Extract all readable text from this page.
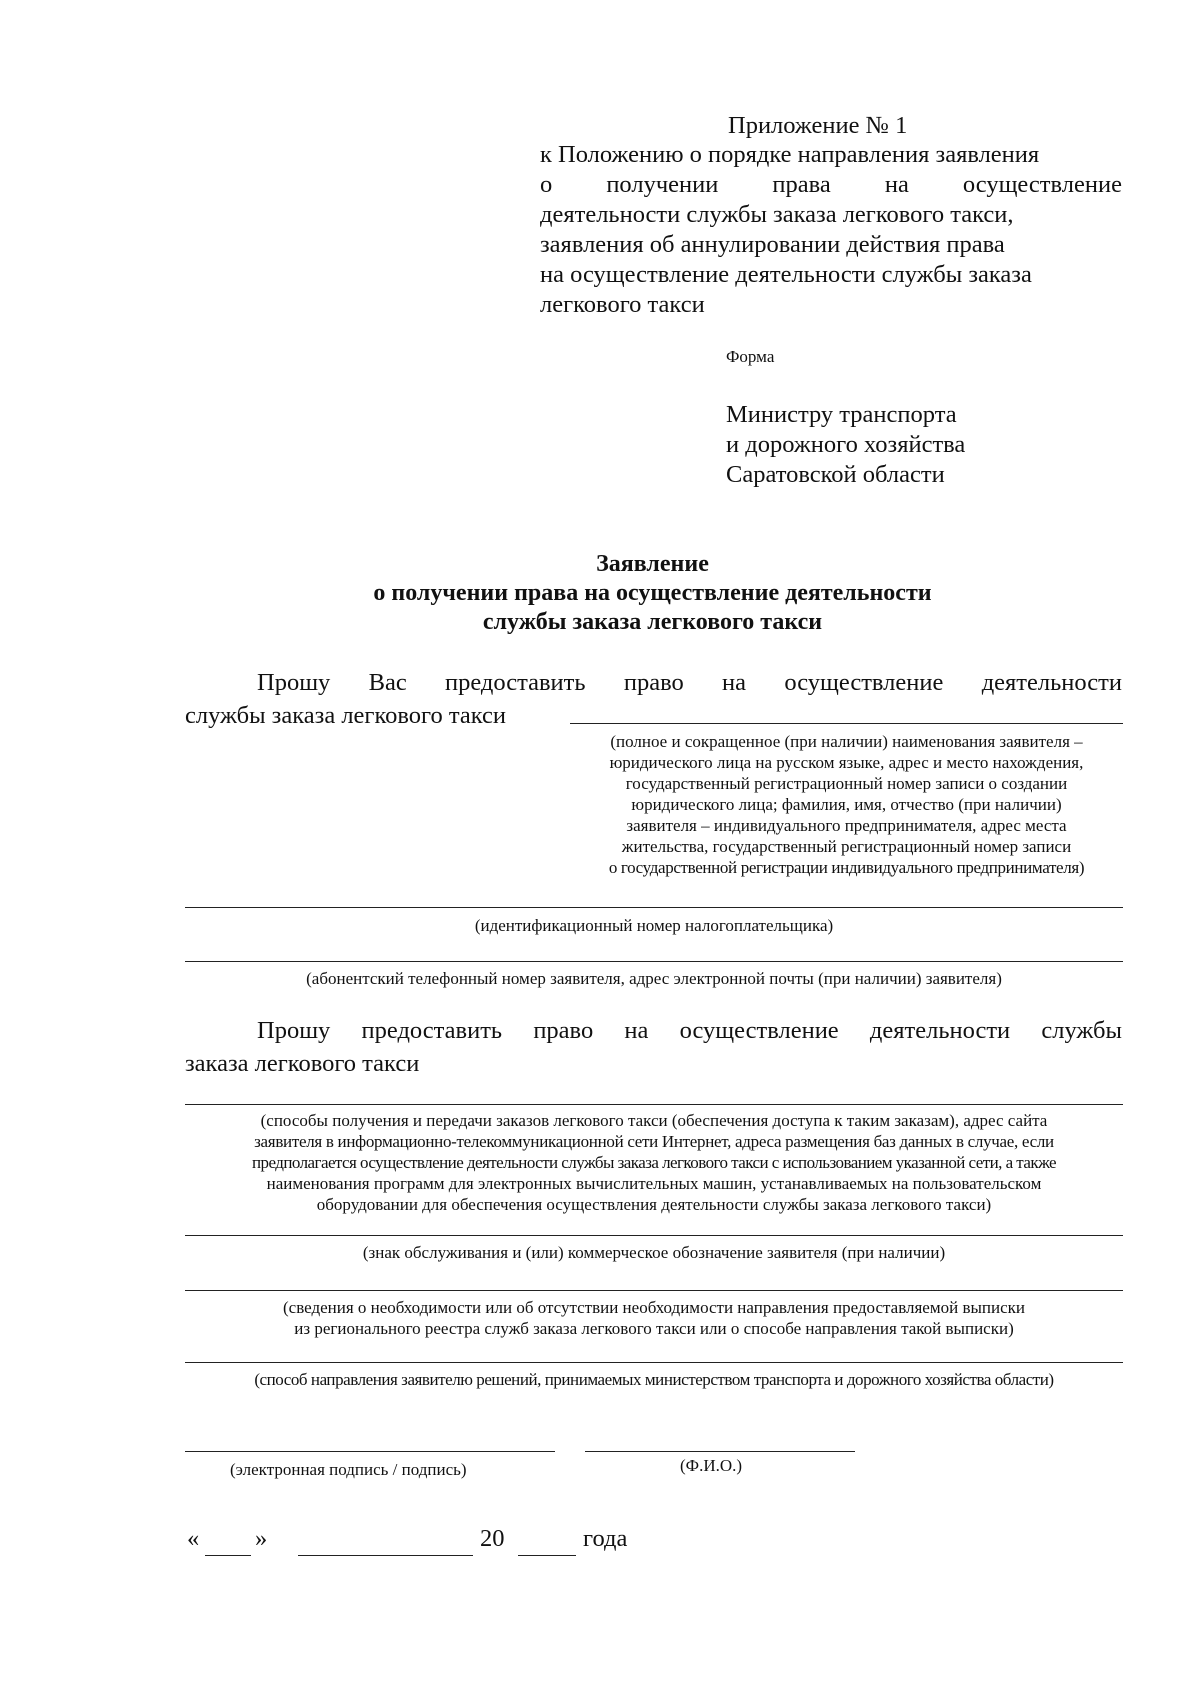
Приложение № 1
к Положению о порядке направления заявления
о получении права на осуществление
деятельности службы заказа легкового такси,
заявления об аннулировании действия права
на осуществление деятельности службы заказа
легкового такси
Форма
Министру транспорта
и дорожного хозяйства
Саратовской области
Заявление
о получении права на осуществление деятельности
службы заказа легкового такси
Прошу Вас предоставить право на осуществление деятельности
службы заказа легкового такси
(полное и сокращенное (при наличии) наименования заявителя –
юридического лица на русском языке, адрес и место нахождения,
государственный регистрационный номер записи о создании
юридического лица; фамилия, имя, отчество (при наличии)
заявителя – индивидуального предпринимателя, адрес места
жительства, государственный регистрационный номер записи
о государственной регистрации индивидуального предпринимателя)
(идентификационный номер налогоплательщика)
(абонентский телефонный номер заявителя, адрес электронной почты (при наличии) заявителя)
Прошу предоставить право на осуществление деятельности службы
заказа легкового такси
(способы получения и передачи заказов легкового такси (обеспечения доступа к таким заказам), адрес сайта
заявителя в информационно-телекоммуникационной сети Интернет, адреса размещения баз данных в случае, если
предполагается осуществление деятельности службы заказа легкового такси с использованием указанной сети, а также
наименования программ для электронных вычислительных машин, устанавливаемых на пользовательском
оборудовании для обеспечения осуществления деятельности службы заказа легкового такси)
(знак обслуживания и (или) коммерческое обозначение заявителя (при наличии)
(сведения о необходимости или об отсутствии необходимости направления предоставляемой выписки
из регионального реестра служб заказа легкового такси или о способе направления такой выписки)
(способ направления заявителю решений, принимаемых министерством транспорта и дорожного хозяйства области)
(электронная подпись / подпись)	(Ф.И.О.)
« »	20	года
